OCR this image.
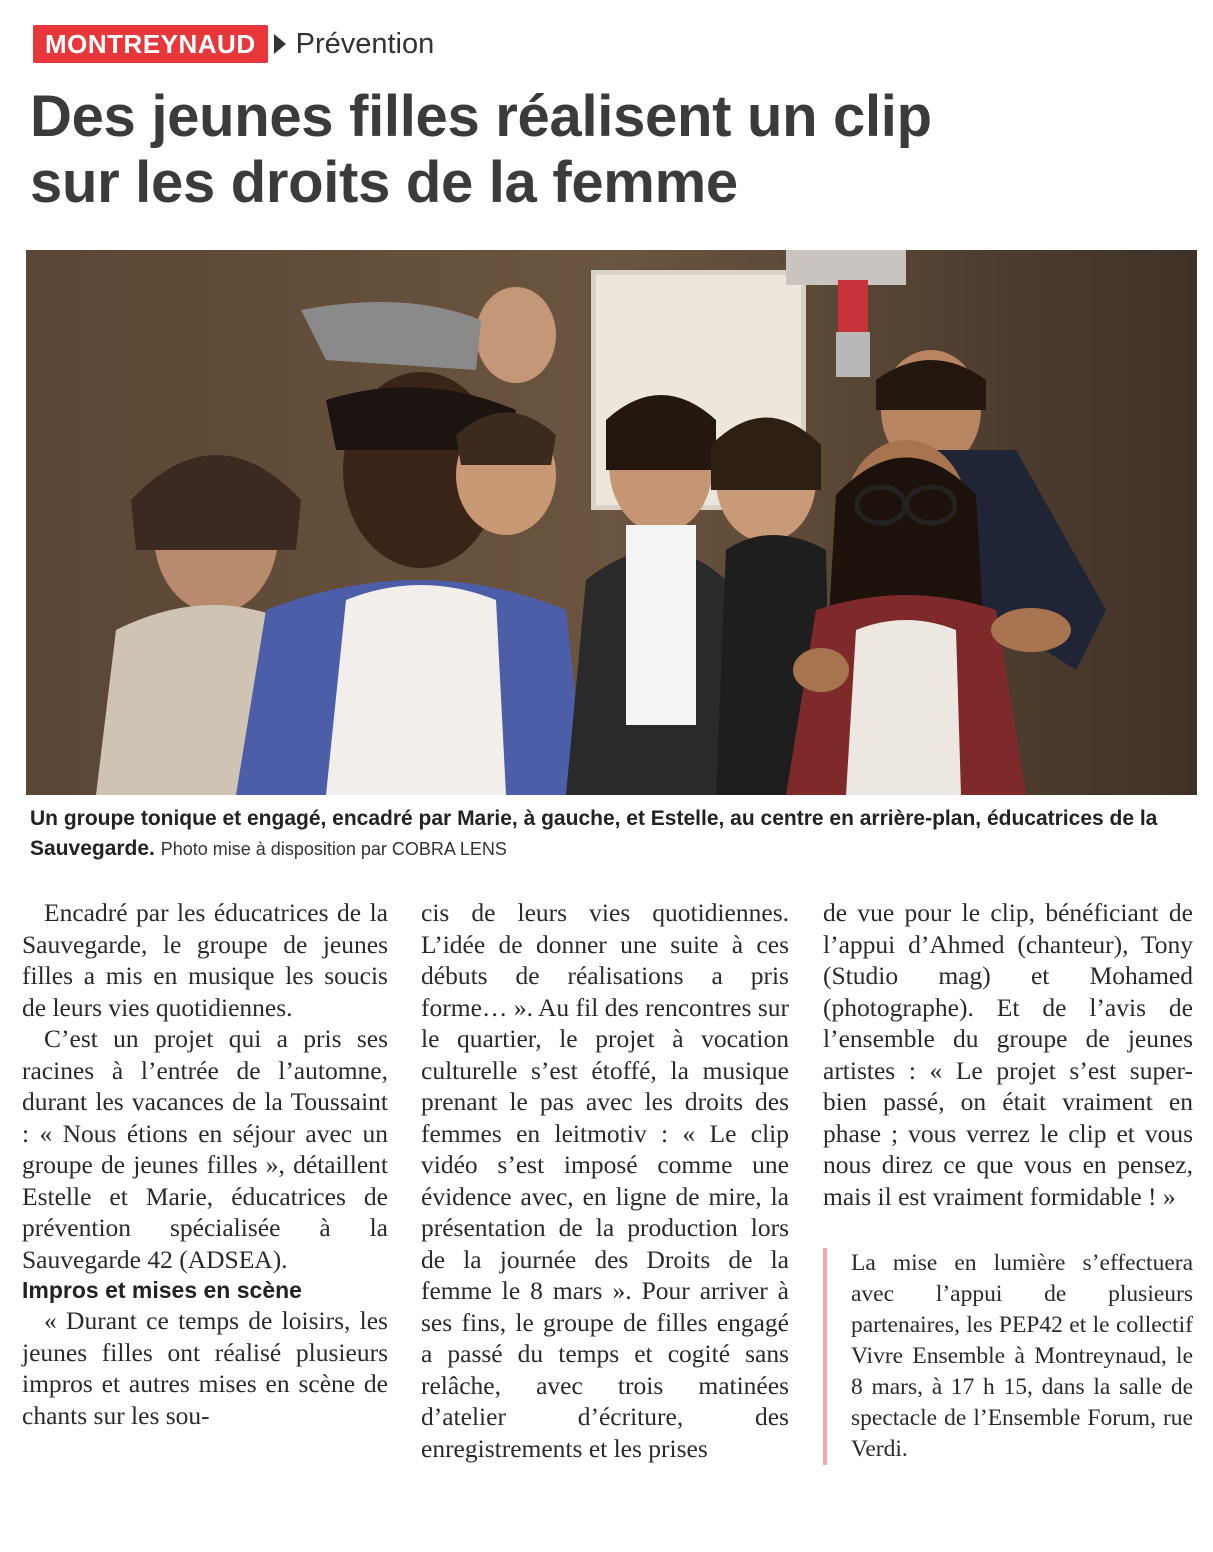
MONTREYNAUD	Prévention
Des jeunes filles réalisent un clip
sur les droits de la femme
Un groupe tonique et engagé, encadré par Marie, à gauche, et Estelle, au centre en arrière-plan, éducatrices de la Sauvegarde. Photo mise à disposition par COBRA LENS

Encadré par les éducatrices de la Sauvegarde, le groupe de jeunes filles a mis en musique les soucis de leurs vies quotidiennes.

C’est un projet qui a pris ses racines à l’entrée de l’automne, durant les vacances de la Toussaint : « Nous étions en séjour avec un groupe de jeunes filles », détaillent Estelle et Marie, éducatrices de prévention spécialisée à la Sauvegarde 42 (ADSEA).

Impros et mises en scène

« Durant ce temps de loisirs, les jeunes filles ont réalisé plusieurs impros et autres mises en scène de chants sur les sou-

cis de leurs vies quotidiennes. L’idée de donner une suite à ces débuts de réalisations a pris forme… ». Au fil des rencontres sur le quartier, le projet à vocation culturelle s’est étoffé, la musique prenant le pas avec les droits des femmes en leitmotiv : « Le clip vidéo s’est imposé comme une évidence avec, en ligne de mire, la présentation de la production lors de la journée des Droits de la femme le 8 mars ». Pour arriver à ses fins, le groupe de filles engagé a passé du temps et cogité sans relâche, avec trois matinées d’atelier d’écriture, des enregistrements et les prises

de vue pour le clip, bénéficiant de l’appui d’Ahmed (chanteur), Tony (Studio mag) et Mohamed (photographe). Et de l’avis de l’ensemble du groupe de jeunes artistes : « Le projet s’est super-bien passé, on était vraiment en phase ; vous verrez le clip et vous nous direz ce que vous en pensez, mais il est vraiment formidable ! »

La mise en lumière s’effectuera avec l’appui de plusieurs partenaires, les PEP42 et le collectif Vivre Ensemble à Montreynaud, le 8 mars, à 17 h 15, dans la salle de spectacle de l’Ensemble Forum, rue Verdi.
